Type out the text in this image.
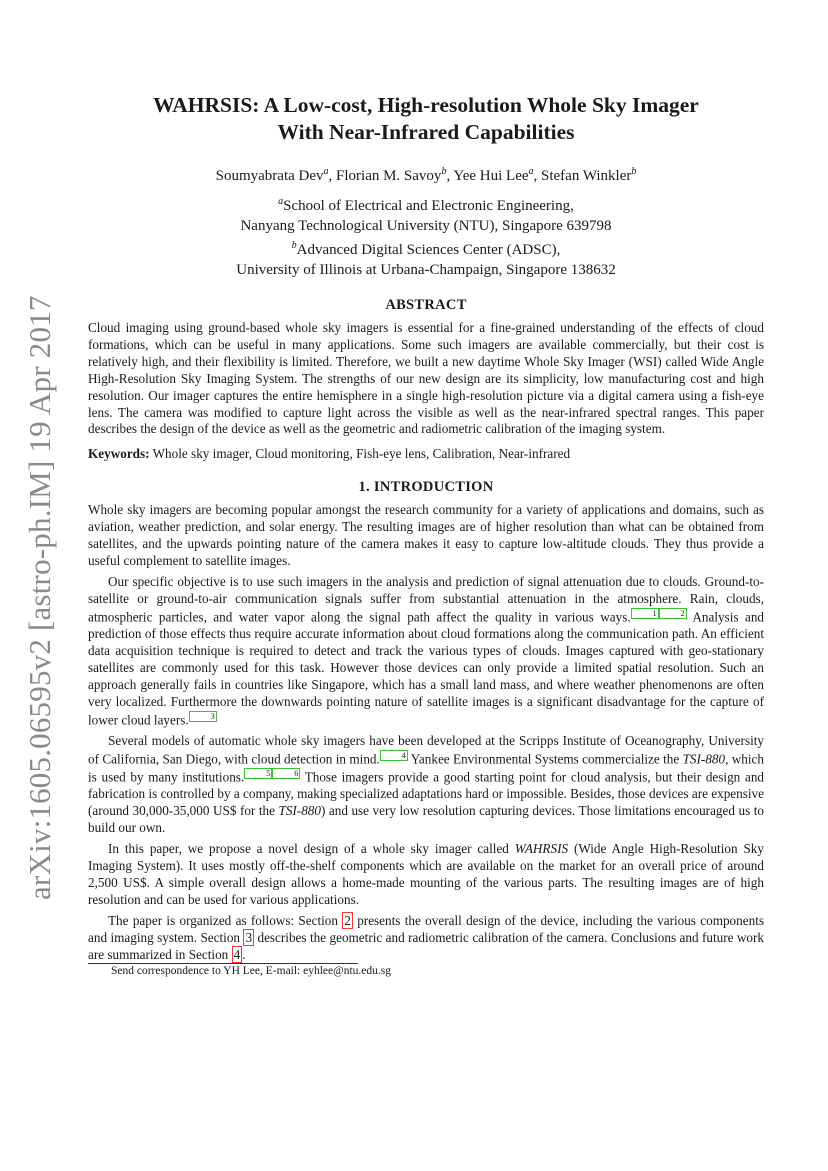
arXiv:1605.06595v2 [astro-ph.IM] 19 Apr 2017
WAHRSIS: A Low-cost, High-resolution Whole Sky Imager
With Near-Infrared Capabilities
Soumyabrata Dev$^a$, Florian M. Savoy$^b$, Yee Hui Lee$^a$, Stefan Winkler$^b$
$^a$School of Electrical and Electronic Engineering,
Nanyang Technological University (NTU), Singapore 639798
$^b$Advanced Digital Sciences Center (ADSC),
University of Illinois at Urbana-Champaign, Singapore 138632
ABSTRACT

Cloud imaging using ground-based whole sky imagers is essential for a fine-grained understanding of the effects of cloud formations, which can be useful in many applications. Some such imagers are available commercially, but their cost is relatively high, and their flexibility is limited. Therefore, we built a new daytime Whole Sky Imager (WSI) called Wide Angle High-Resolution Sky Imaging System. The strengths of our new design are its simplicity, low manufacturing cost and high resolution. Our imager captures the entire hemisphere in a single high-resolution picture via a digital camera using a fish-eye lens. The camera was modified to capture light across the visible as well as the near-infrared spectral ranges. This paper describes the design of the device as well as the geometric and radiometric calibration of the imaging system.

Keywords: Whole sky imager, Cloud monitoring, Fish-eye lens, Calibration, Near-infrared
1. INTRODUCTION

Whole sky imagers are becoming popular amongst the research community for a variety of applications and domains, such as aviation, weather prediction, and solar energy. The resulting images are of higher resolution than what can be obtained from satellites, and the upwards pointing nature of the camera makes it easy to capture low-altitude clouds. They thus provide a useful complement to satellite images.

Our specific objective is to use such imagers in the analysis and prediction of signal attenuation due to clouds. Ground-to-satellite or ground-to-air communication signals suffer from substantial attenuation in the atmosphere. Rain, clouds, atmospheric particles, and water vapor along the signal path affect the quality in various ways.	1	2 Analysis and prediction of those effects thus require accurate information about cloud formations along the communication path. An efficient data acquisition technique is required to detect and track the various types of clouds. Images captured with geo-stationary satellites are commonly used for this task. However those devices can only provide a limited spatial resolution. Such an approach generally fails in countries like Singapore, which has a small land mass, and where weather phenomenons are often very localized. Furthermore the downwards pointing nature of satellite images is a significant disadvantage for the capture of lower cloud layers.	3

Several models of automatic whole sky imagers have been developed at the Scripps Institute of Oceanography, University of California, San Diego, with cloud detection in mind.	4 Yankee Environmental Systems commercialize the TSI-880, which is used by many institutions.	5	6 Those imagers provide a good starting point for cloud analysis, but their design and fabrication is controlled by a company, making specialized adaptations hard or impossible. Besides, those devices are expensive (around 30,000-35,000 US$ for the TSI-880) and use very low resolution capturing devices. Those limitations encouraged us to build our own.

In this paper, we propose a novel design of a whole sky imager called WAHRSIS (Wide Angle High-Resolution Sky Imaging System). It uses mostly off-the-shelf components which are available on the market for an overall price of around 2,500 US$. A simple overall design allows a home-made mounting of the various parts. The resulting images are of high resolution and can be used for various applications.

The paper is organized as follows: Section 2 presents the overall design of the device, including the various components and imaging system. Section 3 describes the geometric and radiometric calibration of the camera. Conclusions and future work are summarized in Section 4 .

Send correspondence to YH Lee, E-mail: eyhlee@ntu.edu.sg
